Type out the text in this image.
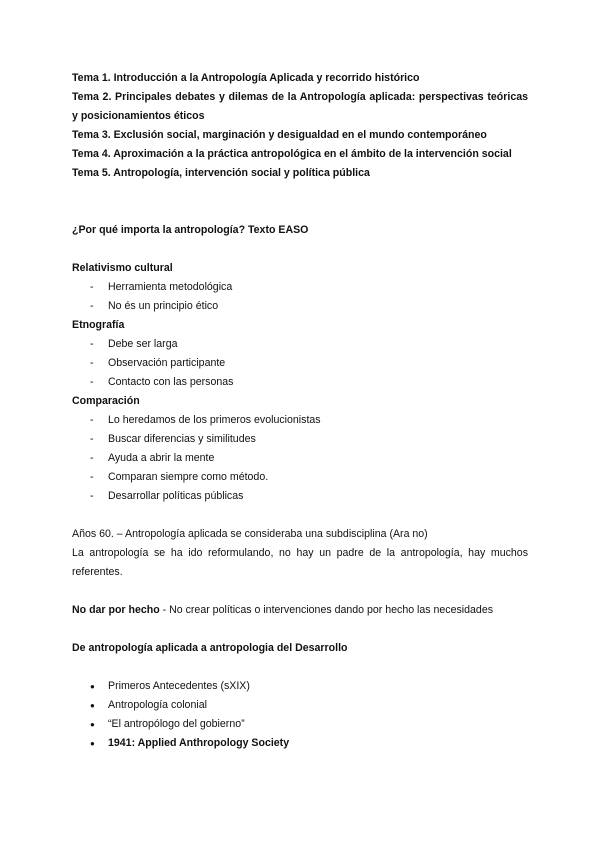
Tema 1. Introducción a la Antropología Aplicada y recorrido histórico

Tema 2. Principales debates y dilemas de la Antropología aplicada: perspectivas teóricas y posicionamientos éticos

Tema 3. Exclusión social, marginación y desigualdad en el mundo contemporáneo

Tema 4. Aproximación a la práctica antropológica en el ámbito de la intervención social

Tema 5. Antropología, intervención social y política pública

¿Por qué importa la antropología? Texto EASO

Relativismo cultural

- Herramienta metodológica
- No és un principio ético

Etnografía

- Debe ser larga
- Observación participante
- Contacto con las personas

Comparación

- Lo heredamos de los primeros evolucionistas
- Buscar diferencias y similitudes
- Ayuda a abrir la mente
- Comparan siempre como método.
- Desarrollar políticas públicas

Años 60. – Antropología aplicada se consideraba una subdisciplina (Ara no)

La antropología se ha ido reformulando, no hay un padre de la antropología, hay muchos referentes.

No dar por hecho - No crear políticas o intervenciones dando por hecho las necesidades

De antropología aplicada a antropologia del Desarrollo

● Primeros Antecedentes (sXIX)
● Antropología colonial
● “El antropólogo del gobierno”
● 1941: Applied Anthropology Society
